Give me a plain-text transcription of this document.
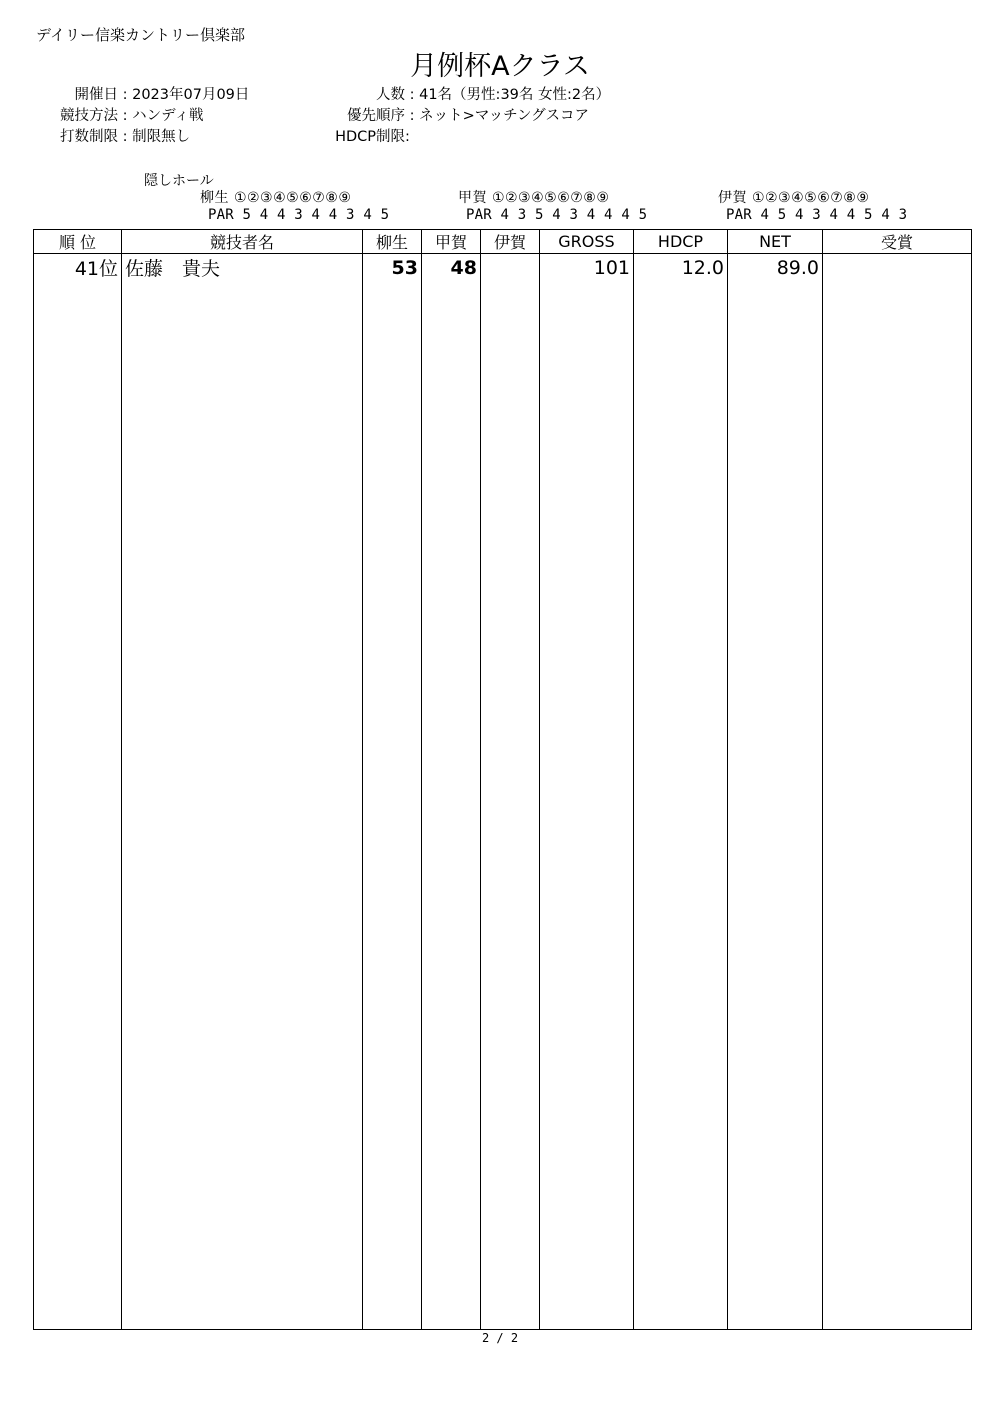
デイリー信楽カントリー倶楽部
月例杯Aクラス
開催日 : 2023年07月09日
競技方法 : ハンディ戦
打数制限 : 制限無し
人数 : 41名（男性:39名 女性:2名）
優先順序 : ネット>マッチングスコア
HDCP制限:
隠しホール
柳生 ①②③④⑤⑥⑦⑧⑨
PAR 5 4 4 3 4 4 3 4 5
甲賀 ①②③④⑤⑥⑦⑧⑨
PAR 4 3 5 4 3 4 4 4 5
伊賀 ①②③④⑤⑥⑦⑧⑨
PAR 4 5 4 3 4 4 5 4 3
順 位	競技者名	柳生	甲賀	伊賀	GROSS	HDCP	NET	受賞
41位	佐藤　貴夫	53	48		101	12.0	89.0	

2 / 2
